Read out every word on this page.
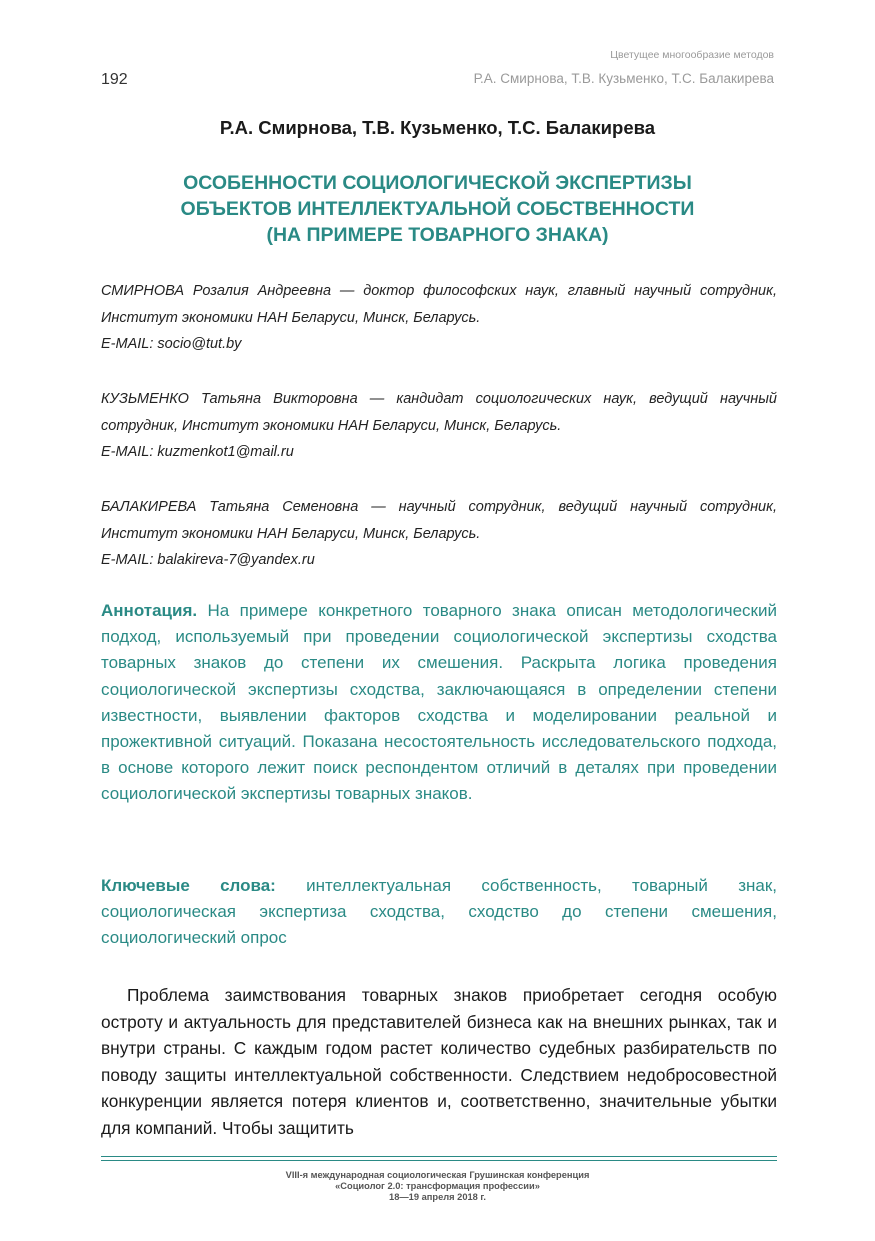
Цветущее многообразие методов
192	Р.А. Смирнова, Т.В. Кузьменко, Т.С. Балакирева
Р.А. Смирнова, Т.В. Кузьменко, Т.С. Балакирева
ОСОБЕННОСТИ СОЦИОЛОГИЧЕСКОЙ ЭКСПЕРТИЗЫ
ОБЪЕКТОВ ИНТЕЛЛЕКТУАЛЬНОЙ СОБСТВЕННОСТИ
(НА ПРИМЕРЕ ТОВАРНОГО ЗНАКА)

СМИРНОВА Розалия Андреевна — доктор философских наук, главный научный сотрудник, Институт экономики НАН Беларуси, Минск, Беларусь.

E-MAIL: socio@tut.by

КУЗЬМЕНКО Татьяна Викторовна — кандидат социологических наук, ведущий научный сотрудник, Институт экономики НАН Беларуси, Минск, Беларусь.

E-MAIL: kuzmenkot1@mail.ru

БАЛАКИРЕВА Татьяна Семеновна — научный сотрудник, ведущий научный сотрудник, Институт экономики НАН Беларуси, Минск, Беларусь.

E-MAIL: balakireva-7@yandex.ru

Аннотация. На примере конкретного товарного знака описан методологический подход, используемый при проведении социологической экспертизы сходства товарных знаков до степени их смешения. Раскрыта логика проведения социологической экспертизы сходства, заключающаяся в определении степени известности, выявлении факторов сходства и моделировании реальной и прожективной ситуаций. Показана несостоятельность исследовательского подхода, в основе которого лежит поиск респондентом отличий в деталях при проведении социологической экспертизы товарных знаков.

Ключевые слова: интеллектуальная собственность, товарный знак, социологическая экспертиза сходства, сходство до степени смешения, социологический опрос

Проблема заимствования товарных знаков приобретает сегодня особую остроту и актуальность для представителей бизнеса как на внешних рынках, так и внутри страны. С каждым годом растет количество судебных разбирательств по поводу защиты интеллектуальной собственности. Следствием недобросовестной конкуренции является потеря клиентов и, соответственно, значительные убытки для компаний. Чтобы защитить

VIII-я международная социологическая Грушинская конференция
«Социолог 2.0: трансформация профессии»
18—19 апреля 2018 г.
